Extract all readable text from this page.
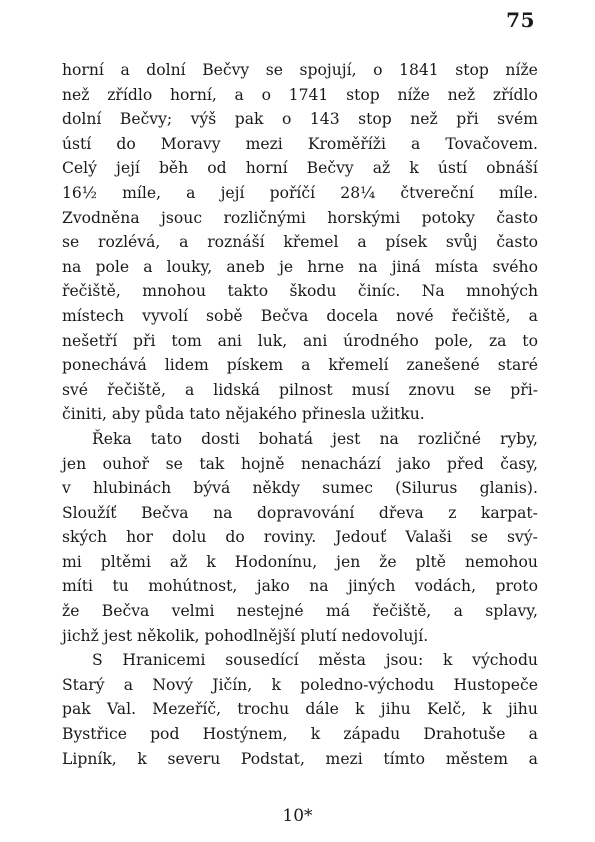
75
horní a dolní Bečvy se spojují, o 1841 stop níže
než zřídlo horní, a o 1741 stop níže než zřídlo
dolní Bečvy; výš pak o 143 stop než při svém
ústí do Moravy mezi Kroměříži a Tovačovem.
Celý její běh od horní Bečvy až k ústí obnáší
16½ míle, a její poříčí 28¼ čtvereční míle.
Zvodněna jsouc rozličnými horskými potoky často
se rozlévá, a roznáší křemel a písek svůj často
na pole a louky, aneb je hrne na jiná místa svého
řečiště, mnohou takto škodu činíc. Na mnohých
místech vyvolí sobě Bečva docela nové řečiště, a
nešetří při tom ani luk, ani úrodného pole, za to
ponechává lidem pískem a křemelí zanešené staré
své řečiště, a lidská pilnost musí znovu se při-
činiti, aby půda tato nějakého přinesla užitku.
Řeka tato dosti bohatá jest na rozličné ryby,
jen ouhoř se tak hojně nenachází jako před časy,
v hlubinách bývá někdy sumec (Silurus glanis).
Sloužíť Bečva na dopravování dřeva z karpat-
ských hor dolu do roviny. Jedouť Valaši se svý-
mi pltěmi až k Hodonínu, jen že pltě nemohou
míti tu mohútnost, jako na jiných vodách, proto
že Bečva velmi nestejné má řečiště, a splavy,
jichž jest několik, pohodlnější plutí nedovolují.
S Hranicemi sousedící města jsou: k východu
Starý a Nový Jičín, k poledno-východu Hustopeče
pak Val. Mezeříč, trochu dále k jihu Kelč, k jihu
Bystřice pod Hostýnem, k západu Drahotuše a
Lipník, k severu Podstat, mezi tímto městem a
10*
